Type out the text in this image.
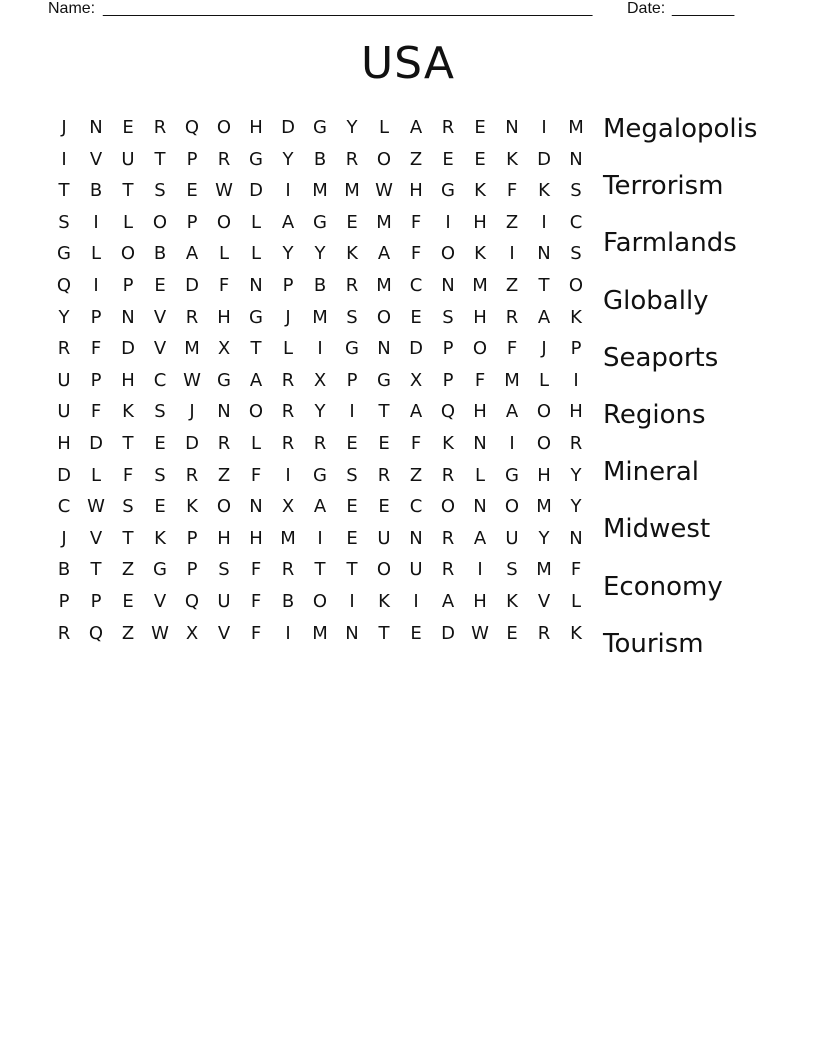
Name: _______________________________________________________ Date: _______
USA
J	N	E	R	Q O	H	D	G	Y	L	A	R	E	N	I	M
I	V	U	T	P	R	G	Y	B	R	O	Z	E	E	K	D	N
T	B	T	S	E W D	I	M M W H	G	K	F	K	S
S	I	L	O	P	O	L	A	G	E	M	F	I	H	Z	I	C
G	L	O	B	A	L	L	Y	Y	K	A	F	O	K	I	N	S
Q	I	P	E	D	F	N	P	B	R M C	N M	Z	T	O
Y	P	N	V	R	H	G	J	M	S	O	E	S	H	R	A	K
R	F	D	V	M	X	T	L	I	G	N	D	P	O	F	J	P
U	P	H	C W G	A	R	X	P	G	X	P	F	M	L	I
U	F	K	S	J	N	O	R	Y	I	T	A	Q	H	A	O	H
H	D	T	E	D	R	L	R	R	E	E	F	K	N	I	O	R
D	L	F	S	R	Z	F	I	G	S	R	Z	R	L	G	H	Y
C W S	E	K	O	N	X	A	E	E	C	O	N	O M	Y
J	V	T	K	P	H	H M	I	E	U	N	R	A	U	Y	N
B	T	Z	G	P	S	F	R	T	T	O	U	R	I	S	M	F
P	P	E	V	Q	U	F	B	O	I	K	I	A	H	K	V	L
R	Q	Z W X	V	F	I	M N	T	E	D W E	R	K
Megalopolis
Terrorism
Farmlands
Globally
Seaports
Regions
Mineral
Midwest
Economy
Tourism
